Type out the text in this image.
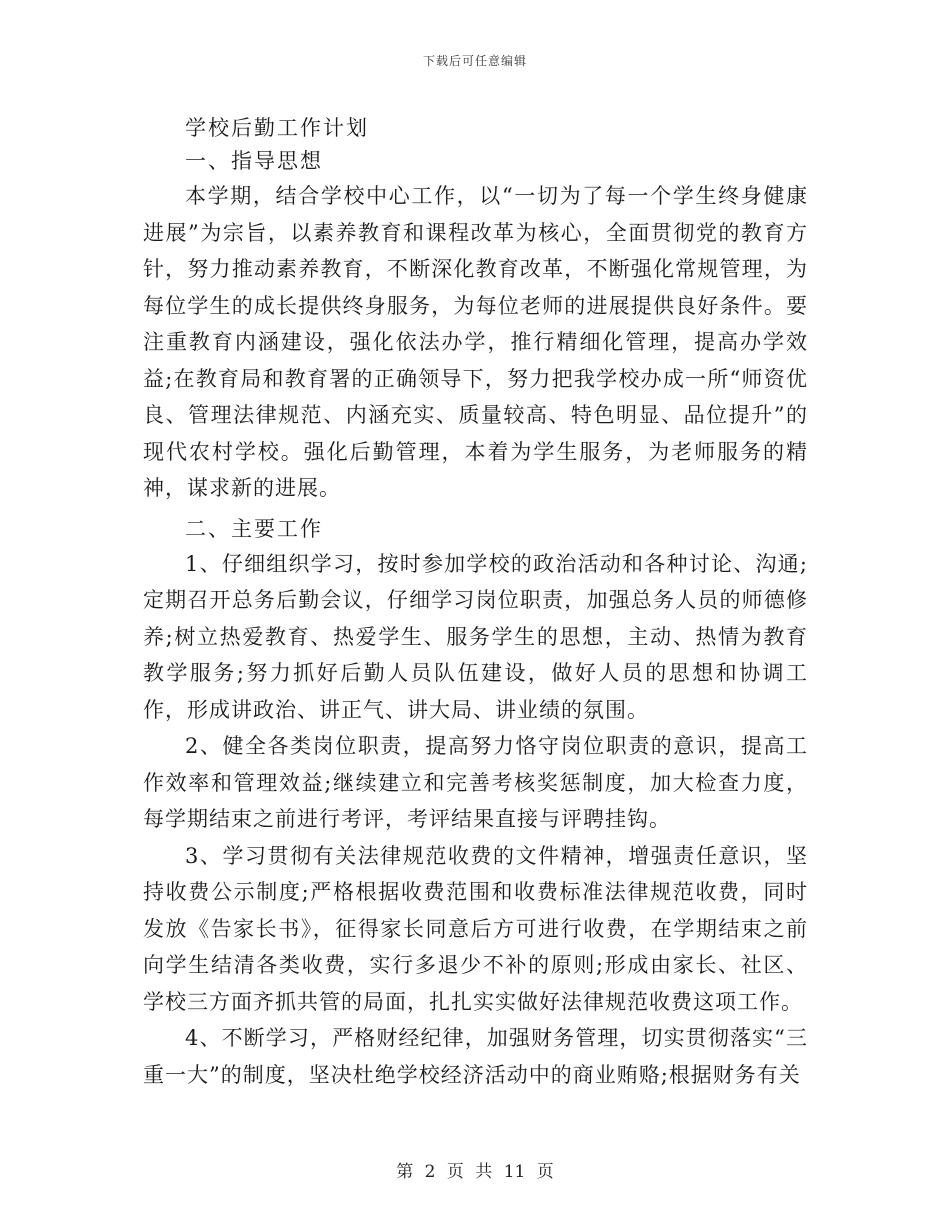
下载后可任意编辑

学校后勤工作计划

一、指导思想

本学期，结合学校中心工作，以“一切为了每一个学生终身健康进展”为宗旨，以素养教育和课程改革为核心，全面贯彻党的教育方针，努力推动素养教育，不断深化教育改革，不断强化常规管理，为每位学生的成长提供终身服务，为每位老师的进展提供良好条件。要注重教育内涵建设，强化依法办学，推行精细化管理，提高办学效益;在教育局和教育署的正确领导下，努力把我学校办成一所“师资优良、管理法律规范、内涵充实、质量较高、特色明显、品位提升”的现代农村学校。强化后勤管理，本着为学生服务，为老师服务的精神，谋求新的进展。

二、主要工作

1、仔细组织学习，按时参加学校的政治活动和各种讨论、沟通;定期召开总务后勤会议，仔细学习岗位职责，加强总务人员的师德修养;树立热爱教育、热爱学生、服务学生的思想，主动、热情为教育教学服务;努力抓好后勤人员队伍建设，做好人员的思想和协调工作，形成讲政治、讲正气、讲大局、讲业绩的氛围。

2、健全各类岗位职责，提高努力恪守岗位职责的意识，提高工作效率和管理效益;继续建立和完善考核奖惩制度，加大检查力度，每学期结束之前进行考评，考评结果直接与评聘挂钩。

3、学习贯彻有关法律规范收费的文件精神，增强责任意识，坚持收费公示制度;严格根据收费范围和收费标准法律规范收费，同时发放《告家长书》，征得家长同意后方可进行收费，在学期结束之前向学生结清各类收费，实行多退少不补的原则;形成由家长、社区、学校三方面齐抓共管的局面，扎扎实实做好法律规范收费这项工作。

4、不断学习，严格财经纪律，加强财务管理，切实贯彻落实“三重一大”的制度，坚决杜绝学校经济活动中的商业贿赂;根据财务有关

第 2 页 共 11 页
